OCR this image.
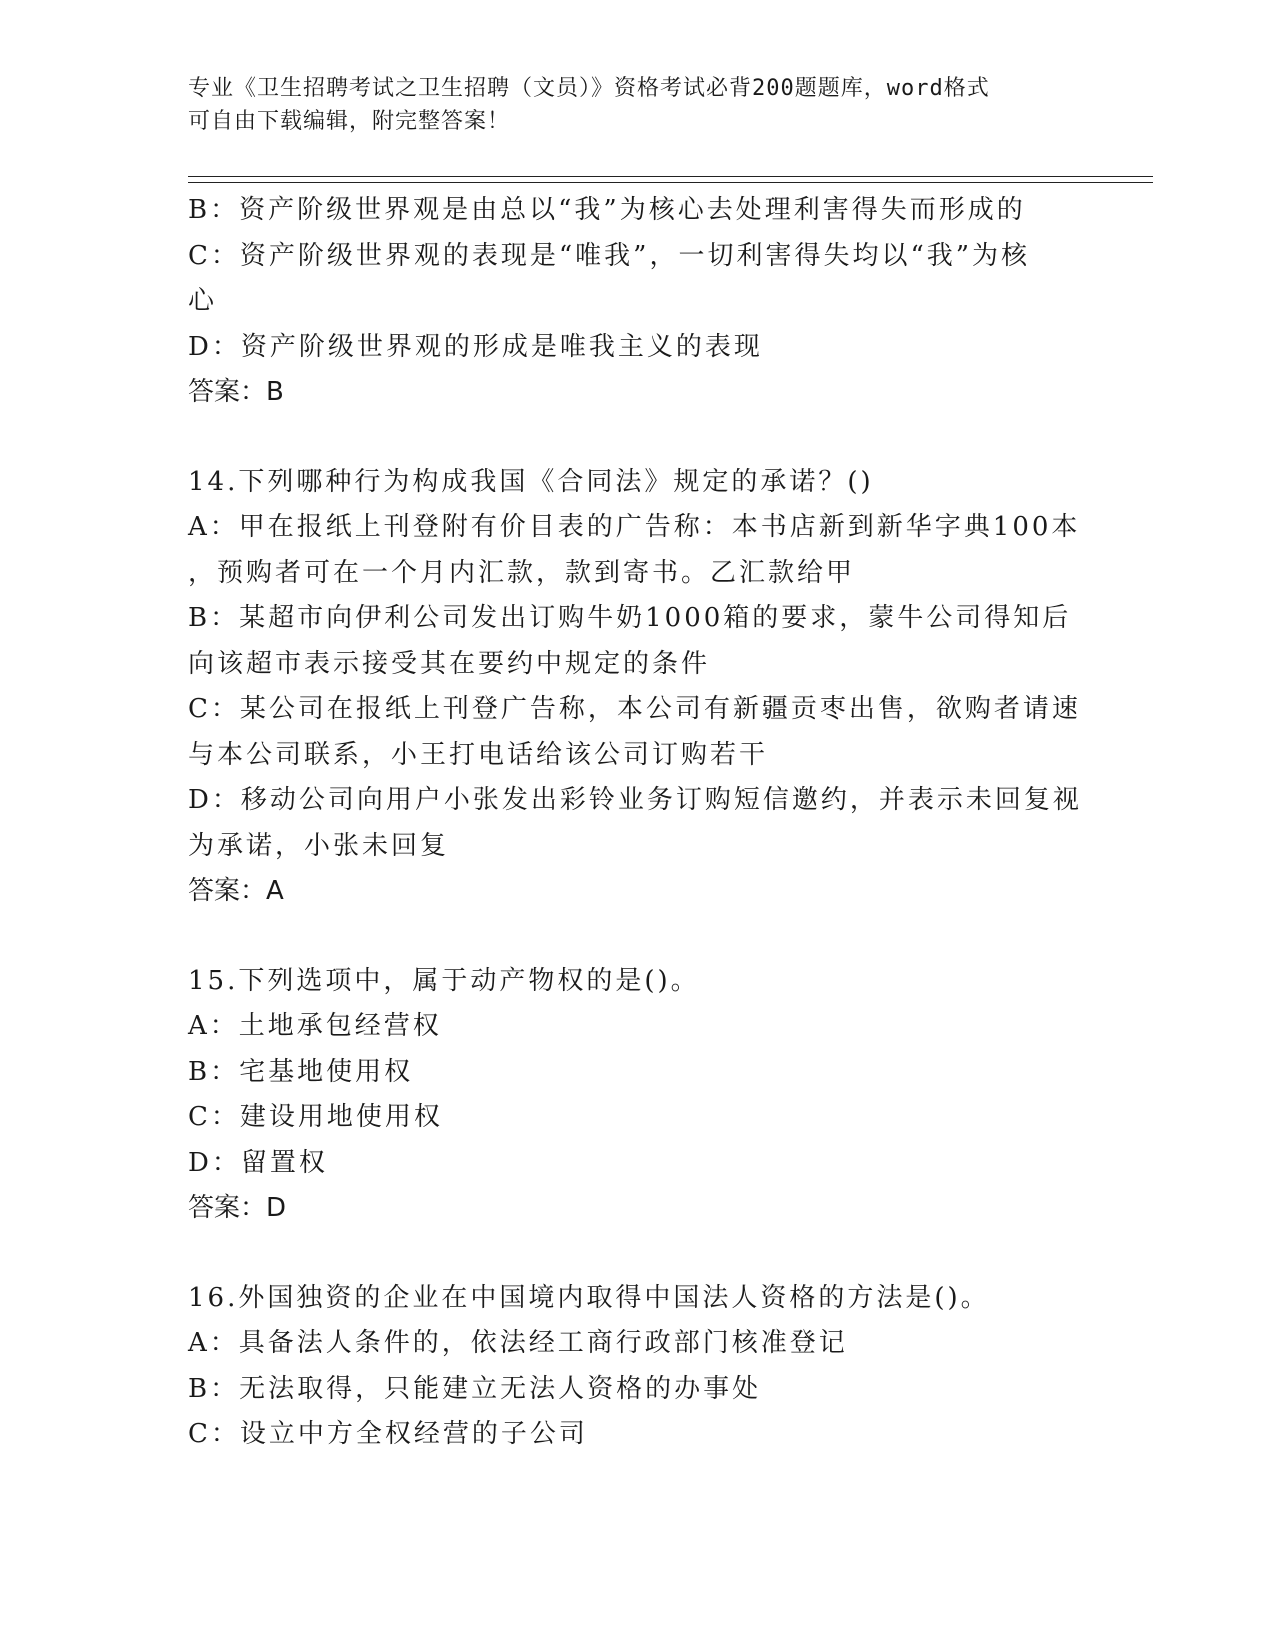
专业《卫生招聘考试之卫生招聘（文员）》资格考试必背200题题库，word格式
可自由下载编辑，附完整答案！

B：资产阶级世界观是由总以“我”为核心去处理利害得失而形成的

C：资产阶级世界观的表现是“唯我”，一切利害得失均以“我”为核

心

D：资产阶级世界观的形成是唯我主义的表现

答案：B

14.下列哪种行为构成我国《合同法》规定的承诺？()

A：甲在报纸上刊登附有价目表的广告称：本书店新到新华字典100本

，预购者可在一个月内汇款，款到寄书。乙汇款给甲

B：某超市向伊利公司发出订购牛奶1000箱的要求，蒙牛公司得知后

向该超市表示接受其在要约中规定的条件

C：某公司在报纸上刊登广告称，本公司有新疆贡枣出售，欲购者请速

与本公司联系，小王打电话给该公司订购若干

D：移动公司向用户小张发出彩铃业务订购短信邀约，并表示未回复视

为承诺，小张未回复

答案：A

15.下列选项中，属于动产物权的是()。

A：土地承包经营权

B：宅基地使用权

C：建设用地使用权

D：留置权

答案：D

16.外国独资的企业在中国境内取得中国法人资格的方法是()。

A：具备法人条件的，依法经工商行政部门核准登记

B：无法取得，只能建立无法人资格的办事处

C：设立中方全权经营的子公司
